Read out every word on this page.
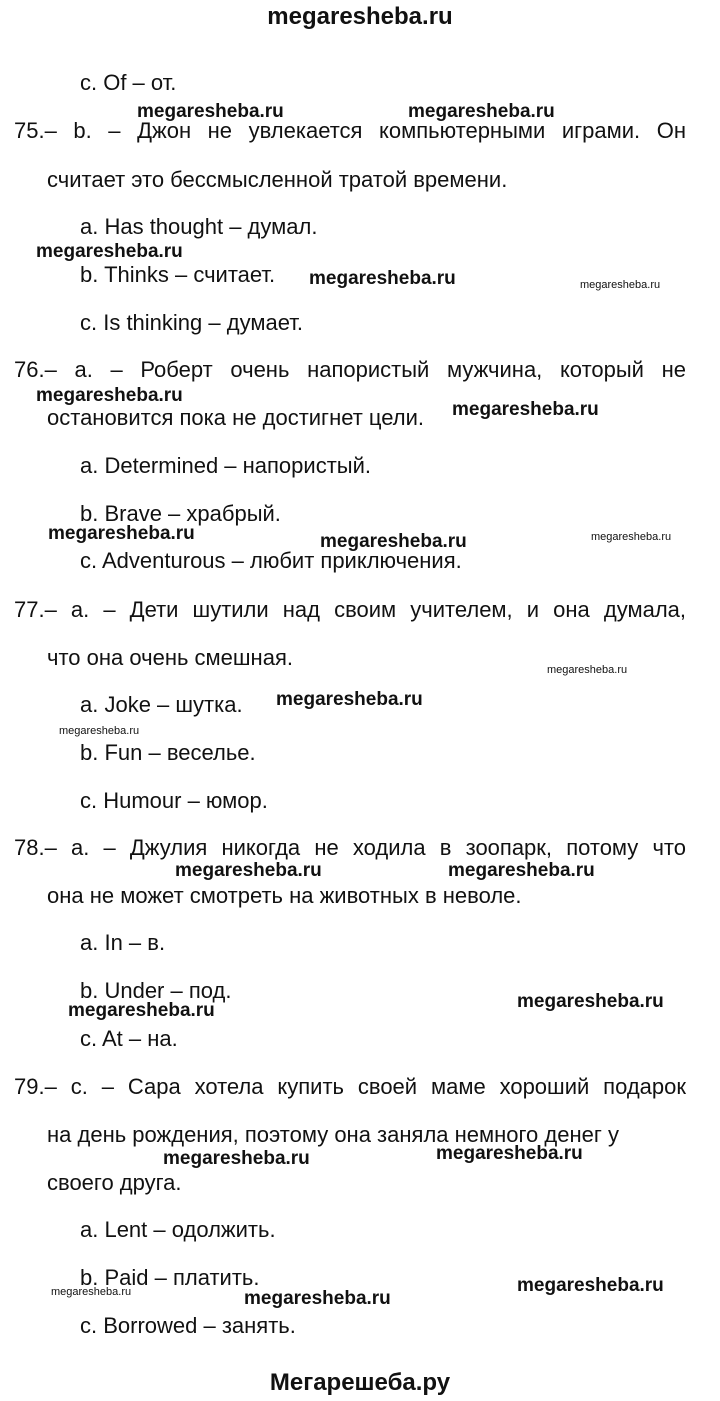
megaresheba.ru
c. Of – от.
75.– b. – Джон не увлекается компьютерными играми. Он
считает это бессмысленной тратой времени.
a. Has thought – думал.
b. Thinks – считает.
c. Is thinking – думает.
76.– a. – Роберт очень напористый мужчина, который не
остановится пока не достигнет цели.
a. Determined – напористый.
b. Brave – храбрый.
c. Adventurous – любит приключения.
77.– a. – Дети шутили над своим учителем, и она думала,
что она очень смешная.
a. Joke – шутка.
b. Fun – веселье.
c. Humour – юмор.
78.– a. – Джулия никогда не ходила в зоопарк, потому что
она не может смотреть на животных в неволе.
a. In – в.
b. Under – под.
c. At – на.
79.– c. – Сара хотела купить своей маме хороший подарок
на день рождения, поэтому она заняла немного денег у
своего друга.
a. Lent – одолжить.
b. Paid – платить.
c. Borrowed – занять.
Мегарешеба.ру
megaresheba.ru	megaresheba.ru
megaresheba.ru
megaresheba.ru	megaresheba.ru
megaresheba.ru
megaresheba.ru
megaresheba.ru	megaresheba.ru	megaresheba.ru
megaresheba.ru
megaresheba.ru
megaresheba.ru
megaresheba.ru	megaresheba.ru
megaresheba.ru
megaresheba.ru
megaresheba.ru	megaresheba.ru
megaresheba.ru	megaresheba.ru
megaresheba.ru
